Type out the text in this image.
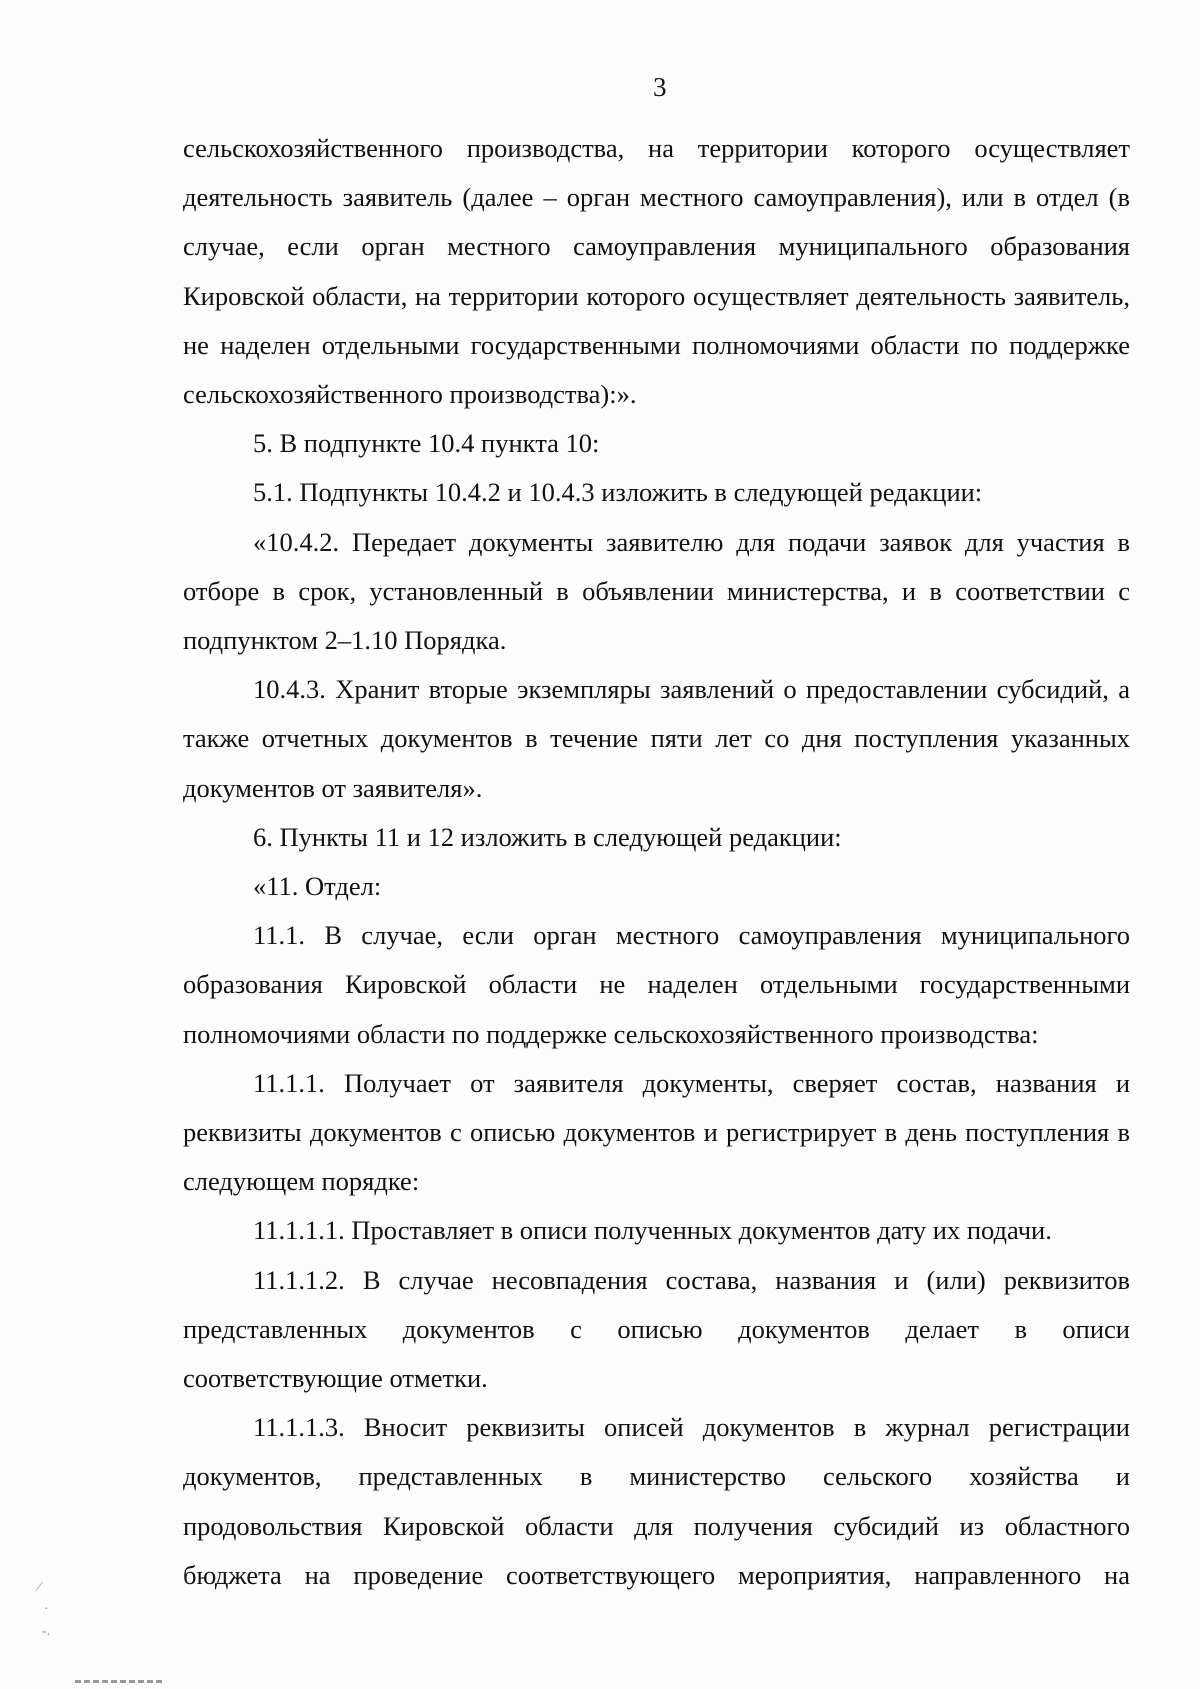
3

сельскохозяйственного производства, на территории которого осуществляет деятельность заявитель (далее – орган местного самоуправления), или в отдел (в случае, если орган местного самоуправления муниципального образования Кировской области, на территории которого осуществляет деятельность заявитель, не наделен отдельными государственными полномочиями области по поддержке сельскохозяйственного производства):».

5. В подпункте 10.4 пункта 10:

5.1. Подпункты 10.4.2 и 10.4.3 изложить в следующей редакции:

«10.4.2. Передает документы заявителю для подачи заявок для участия в отборе в срок, установленный в объявлении министерства, и в соответствии с подпунктом 2–1.10 Порядка.

10.4.3. Хранит вторые экземпляры заявлений о предоставлении субсидий, а также отчетных документов в течение пяти лет со дня поступления указанных документов от заявителя».

6. Пункты 11 и 12 изложить в следующей редакции:

«11. Отдел:

11.1. В случае, если орган местного самоуправления муниципального образования Кировской области не наделен отдельными государственными полномочиями области по поддержке сельскохозяйственного производства:

11.1.1. Получает от заявителя документы, сверяет состав, названия и реквизиты документов с описью документов и регистрирует в день поступления в следующем порядке:

11.1.1.1. Проставляет в описи полученных документов дату их подачи.

11.1.1.2. В случае несовпадения состава, названия и (или) реквизитов представленных документов с описью документов делает в описи соответствующие отметки.

11.1.1.3. Вносит реквизиты описей документов в журнал регистрации документов, представленных в министерство сельского хозяйства и продовольствия Кировской области для получения субсидий из областного бюджета на проведение соответствующего мероприятия, направленного на

⁄
·
‑.
